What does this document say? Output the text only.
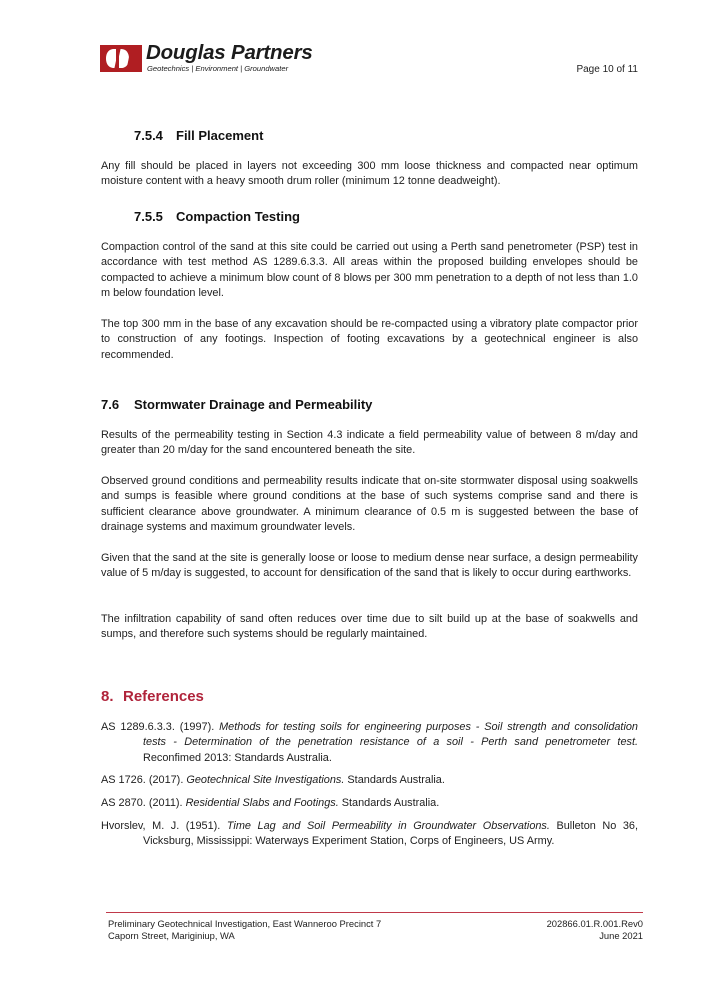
Douglas Partners
Geotechnics | Environment | Groundwater	Page 10 of 11
7.5.4 Fill Placement

Any fill should be placed in layers not exceeding 300 mm loose thickness and compacted near optimum moisture content with a heavy smooth drum roller (minimum 12 tonne deadweight).

7.5.5 Compaction Testing

Compaction control of the sand at this site could be carried out using a Perth sand penetrometer (PSP) test in accordance with test method AS 1289.6.3.3. All areas within the proposed building envelopes should be compacted to achieve a minimum blow count of 8 blows per 300 mm penetration to a depth of not less than 1.0 m below foundation level.

The top 300 mm in the base of any excavation should be re-compacted using a vibratory plate compactor prior to construction of any footings. Inspection of footing excavations by a geotechnical engineer is also recommended.

7.6 Stormwater Drainage and Permeability

Results of the permeability testing in Section 4.3 indicate a field permeability value of between 8 m/day and greater than 20 m/day for the sand encountered beneath the site.

Observed ground conditions and permeability results indicate that on-site stormwater disposal using soakwells and sumps is feasible where ground conditions at the base of such systems comprise sand and there is sufficient clearance above groundwater. A minimum clearance of 0.5 m is suggested between the base of drainage systems and maximum groundwater levels.

Given that the sand at the site is generally loose or loose to medium dense near surface, a design permeability value of 5 m/day is suggested, to account for densification of the sand that is likely to occur during earthworks.

The infiltration capability of sand often reduces over time due to silt build up at the base of soakwells and sumps, and therefore such systems should be regularly maintained.

8. References

AS 1289.6.3.3. (1997). Methods for testing soils for engineering purposes - Soil strength and consolidation tests - Determination of the penetration resistance of a soil - Perth sand penetrometer test. Reconfimed 2013: Standards Australia.

AS 1726. (2017). Geotechnical Site Investigations. Standards Australia.

AS 2870. (2011). Residential Slabs and Footings. Standards Australia.

Hvorslev, M. J. (1951). Time Lag and Soil Permeability in Groundwater Observations. Bulleton No 36, Vicksburg, Mississippi: Waterways Experiment Station, Corps of Engineers, US Army.

Preliminary Geotechnical Investigation, East Wanneroo Precinct 7
Caporn Street, Mariginiup, WA
202866.01.R.001.Rev0
June 2021
